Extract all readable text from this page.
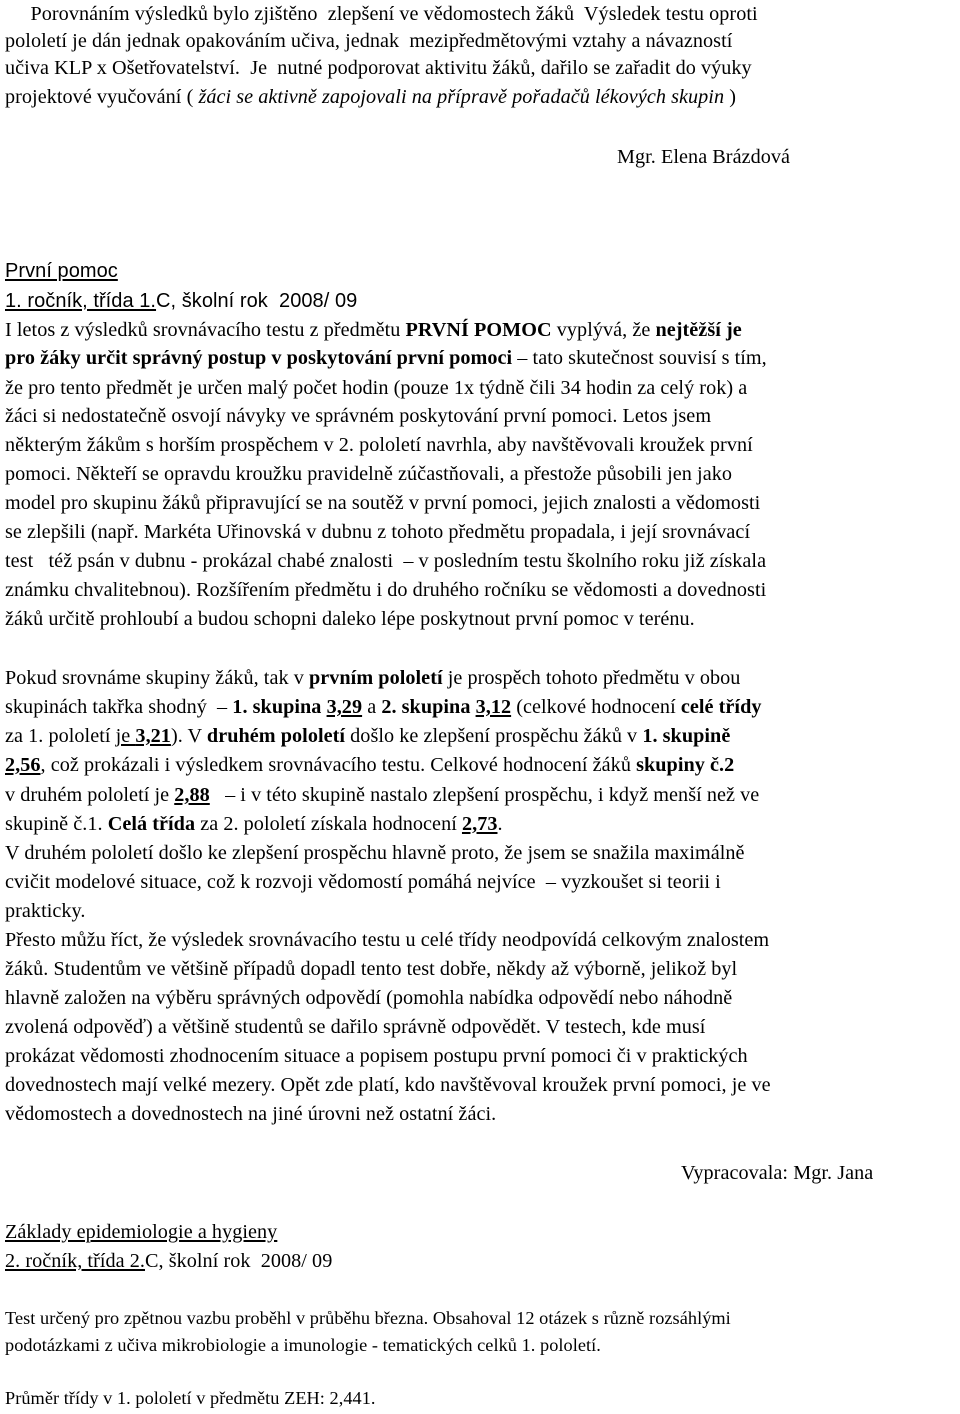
Porovnáním výsledků bylo zjištěno  zlepšení ve vědomostech žáků  Výsledek testu oproti
pololetí je dán jednak opakováním učiva, jednak  mezipředmětovými vztahy a návazností
učiva KLP x Ošetřovatelství.  Je  nutné podporovat aktivitu žáků, dařilo se zařadit do výuky
projektové vyučování ( žáci se aktivně zapojovali na přípravě pořadačů lékových skupin )
Mgr. Elena Brázdová
První pomoc
1. ročník, třída 1.C, školní rok  2008/ 09
I letos z výsledků srovnávacího testu z předmětu PRVNÍ POMOC vyplývá, že nejtěžší je
pro žáky určit správný postup v poskytování první pomoci – tato skutečnost souvisí s tím,
že pro tento předmět je určen malý počet hodin (pouze 1x týdně čili 34 hodin za celý rok) a
žáci si nedostatečně osvojí návyky ve správném poskytování první pomoci. Letos jsem
některým žákům s horším prospěchem v 2. pololetí navrhla, aby navštěvovali kroužek první
pomoci. Někteří se opravdu kroužku pravidelně zúčastňovali, a přestože působili jen jako
model pro skupinu žáků připravující se na soutěž v první pomoci, jejich znalosti a vědomosti
se zlepšili (např. Markéta Uřinovská v dubnu z tohoto předmětu propadala, i její srovnávací
test   též psán v dubnu - prokázal chabé znalosti  – v posledním testu školního roku již získala
známku chvalitebnou). Rozšířením předmětu i do druhého ročníku se vědomosti a dovednosti
žáků určitě prohloubí a budou schopni daleko lépe poskytnout první pomoc v terénu.
Pokud srovnáme skupiny žáků, tak v prvním pololetí je prospěch tohoto předmětu v obou
skupinách takřka shodný  – 1. skupina 3,29 a 2. skupina 3,12 (celkové hodnocení celé třídy
za 1. pololetí je 3,21). V druhém pololetí došlo ke zlepšení prospěchu žáků v 1. skupině
2,56, což prokázali i výsledkem srovnávacího testu. Celkové hodnocení žáků skupiny č.2
v druhém pololetí je 2,88   – i v této skupině nastalo zlepšení prospěchu, i když menší než ve
skupině č.1. Celá třída za 2. pololetí získala hodnocení 2,73.
V druhém pololetí došlo ke zlepšení prospěchu hlavně proto, že jsem se snažila maximálně
cvičit modelové situace, což k rozvoji vědomostí pomáhá nejvíce  – vyzkoušet si teorii i
prakticky.
Přesto můžu říct, že výsledek srovnávacího testu u celé třídy neodpovídá celkovým znalostem
žáků. Studentům ve většině případů dopadl tento test dobře, někdy až výborně, jelikož byl
hlavně založen na výběru správných odpovědí (pomohla nabídka odpovědí nebo náhodně
zvolená odpověď) a většině studentů se dařilo správně odpovědět. V testech, kde musí
prokázat vědomosti zhodnocením situace a popisem postupu první pomoci či v praktických
dovednostech mají velké mezery. Opět zde platí, kdo navštěvoval kroužek první pomoci, je ve
vědomostech a dovednostech na jiné úrovni než ostatní žáci.
Vypracovala: Mgr. Jana
Základy epidemiologie a hygieny
2. ročník, třída 2.C, školní rok  2008/ 09
Test určený pro zpětnou vazbu proběhl v průběhu března. Obsahoval 12 otázek s různě rozsáhlými
podotázkami z učiva mikrobiologie a imunologie - tematických celků 1. pololetí.
Průměr třídy v 1. pololetí v předmětu ZEH: 2,441.
